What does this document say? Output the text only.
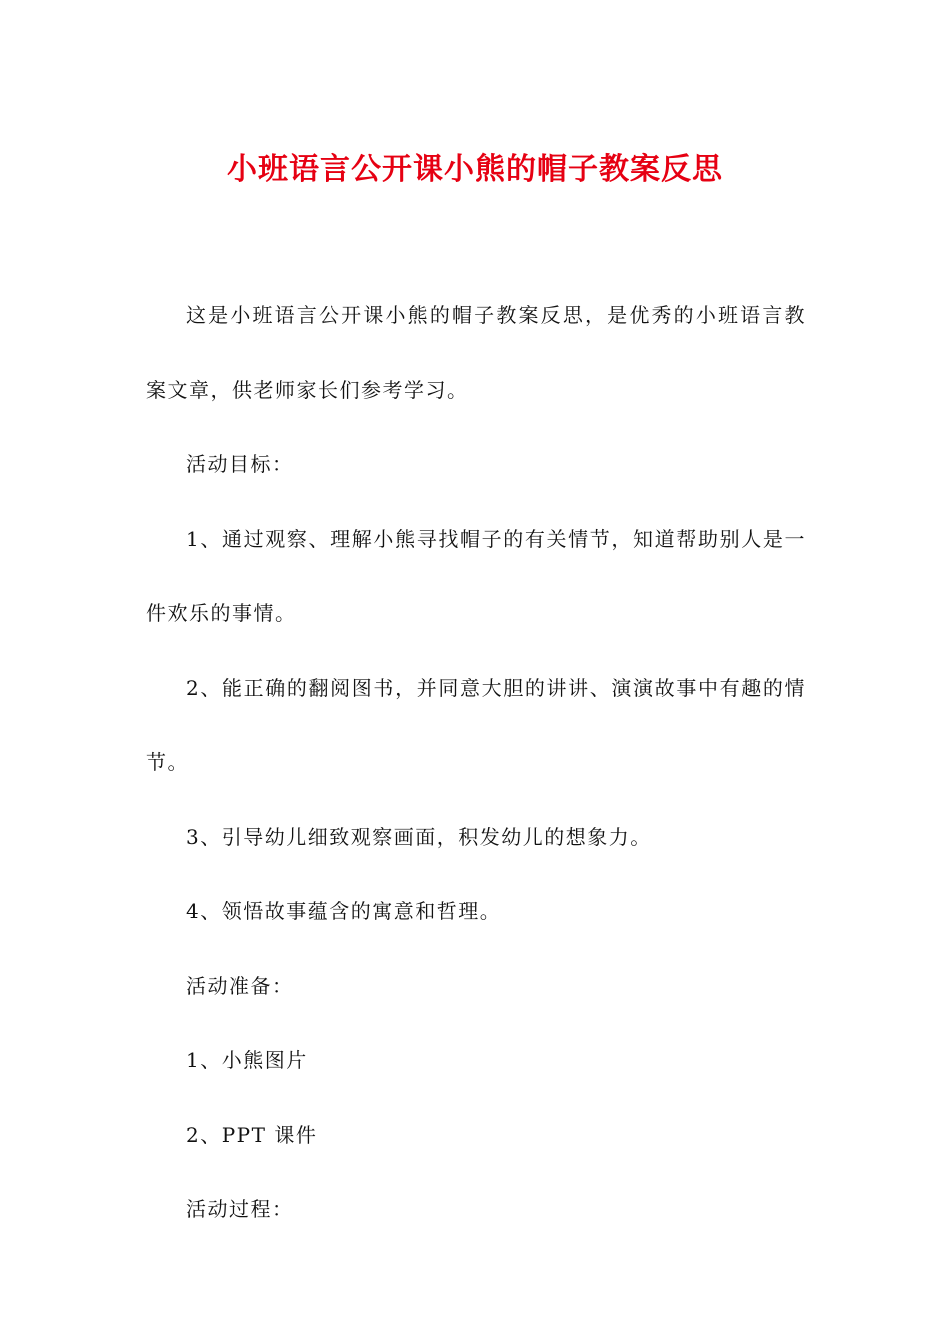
小班语言公开课小熊的帽子教案反思

这是小班语言公开课小熊的帽子教案反思，是优秀的小班语言教案文章，供老师家长们参考学习。

活动目标：

1、通过观察、理解小熊寻找帽子的有关情节，知道帮助别人是一件欢乐的事情。

2、能正确的翻阅图书，并同意大胆的讲讲、演演故事中有趣的情节。

3、引导幼儿细致观察画面，积发幼儿的想象力。

4、领悟故事蕴含的寓意和哲理。

活动准备：

1、小熊图片

2、PPT 课件

活动过程：
